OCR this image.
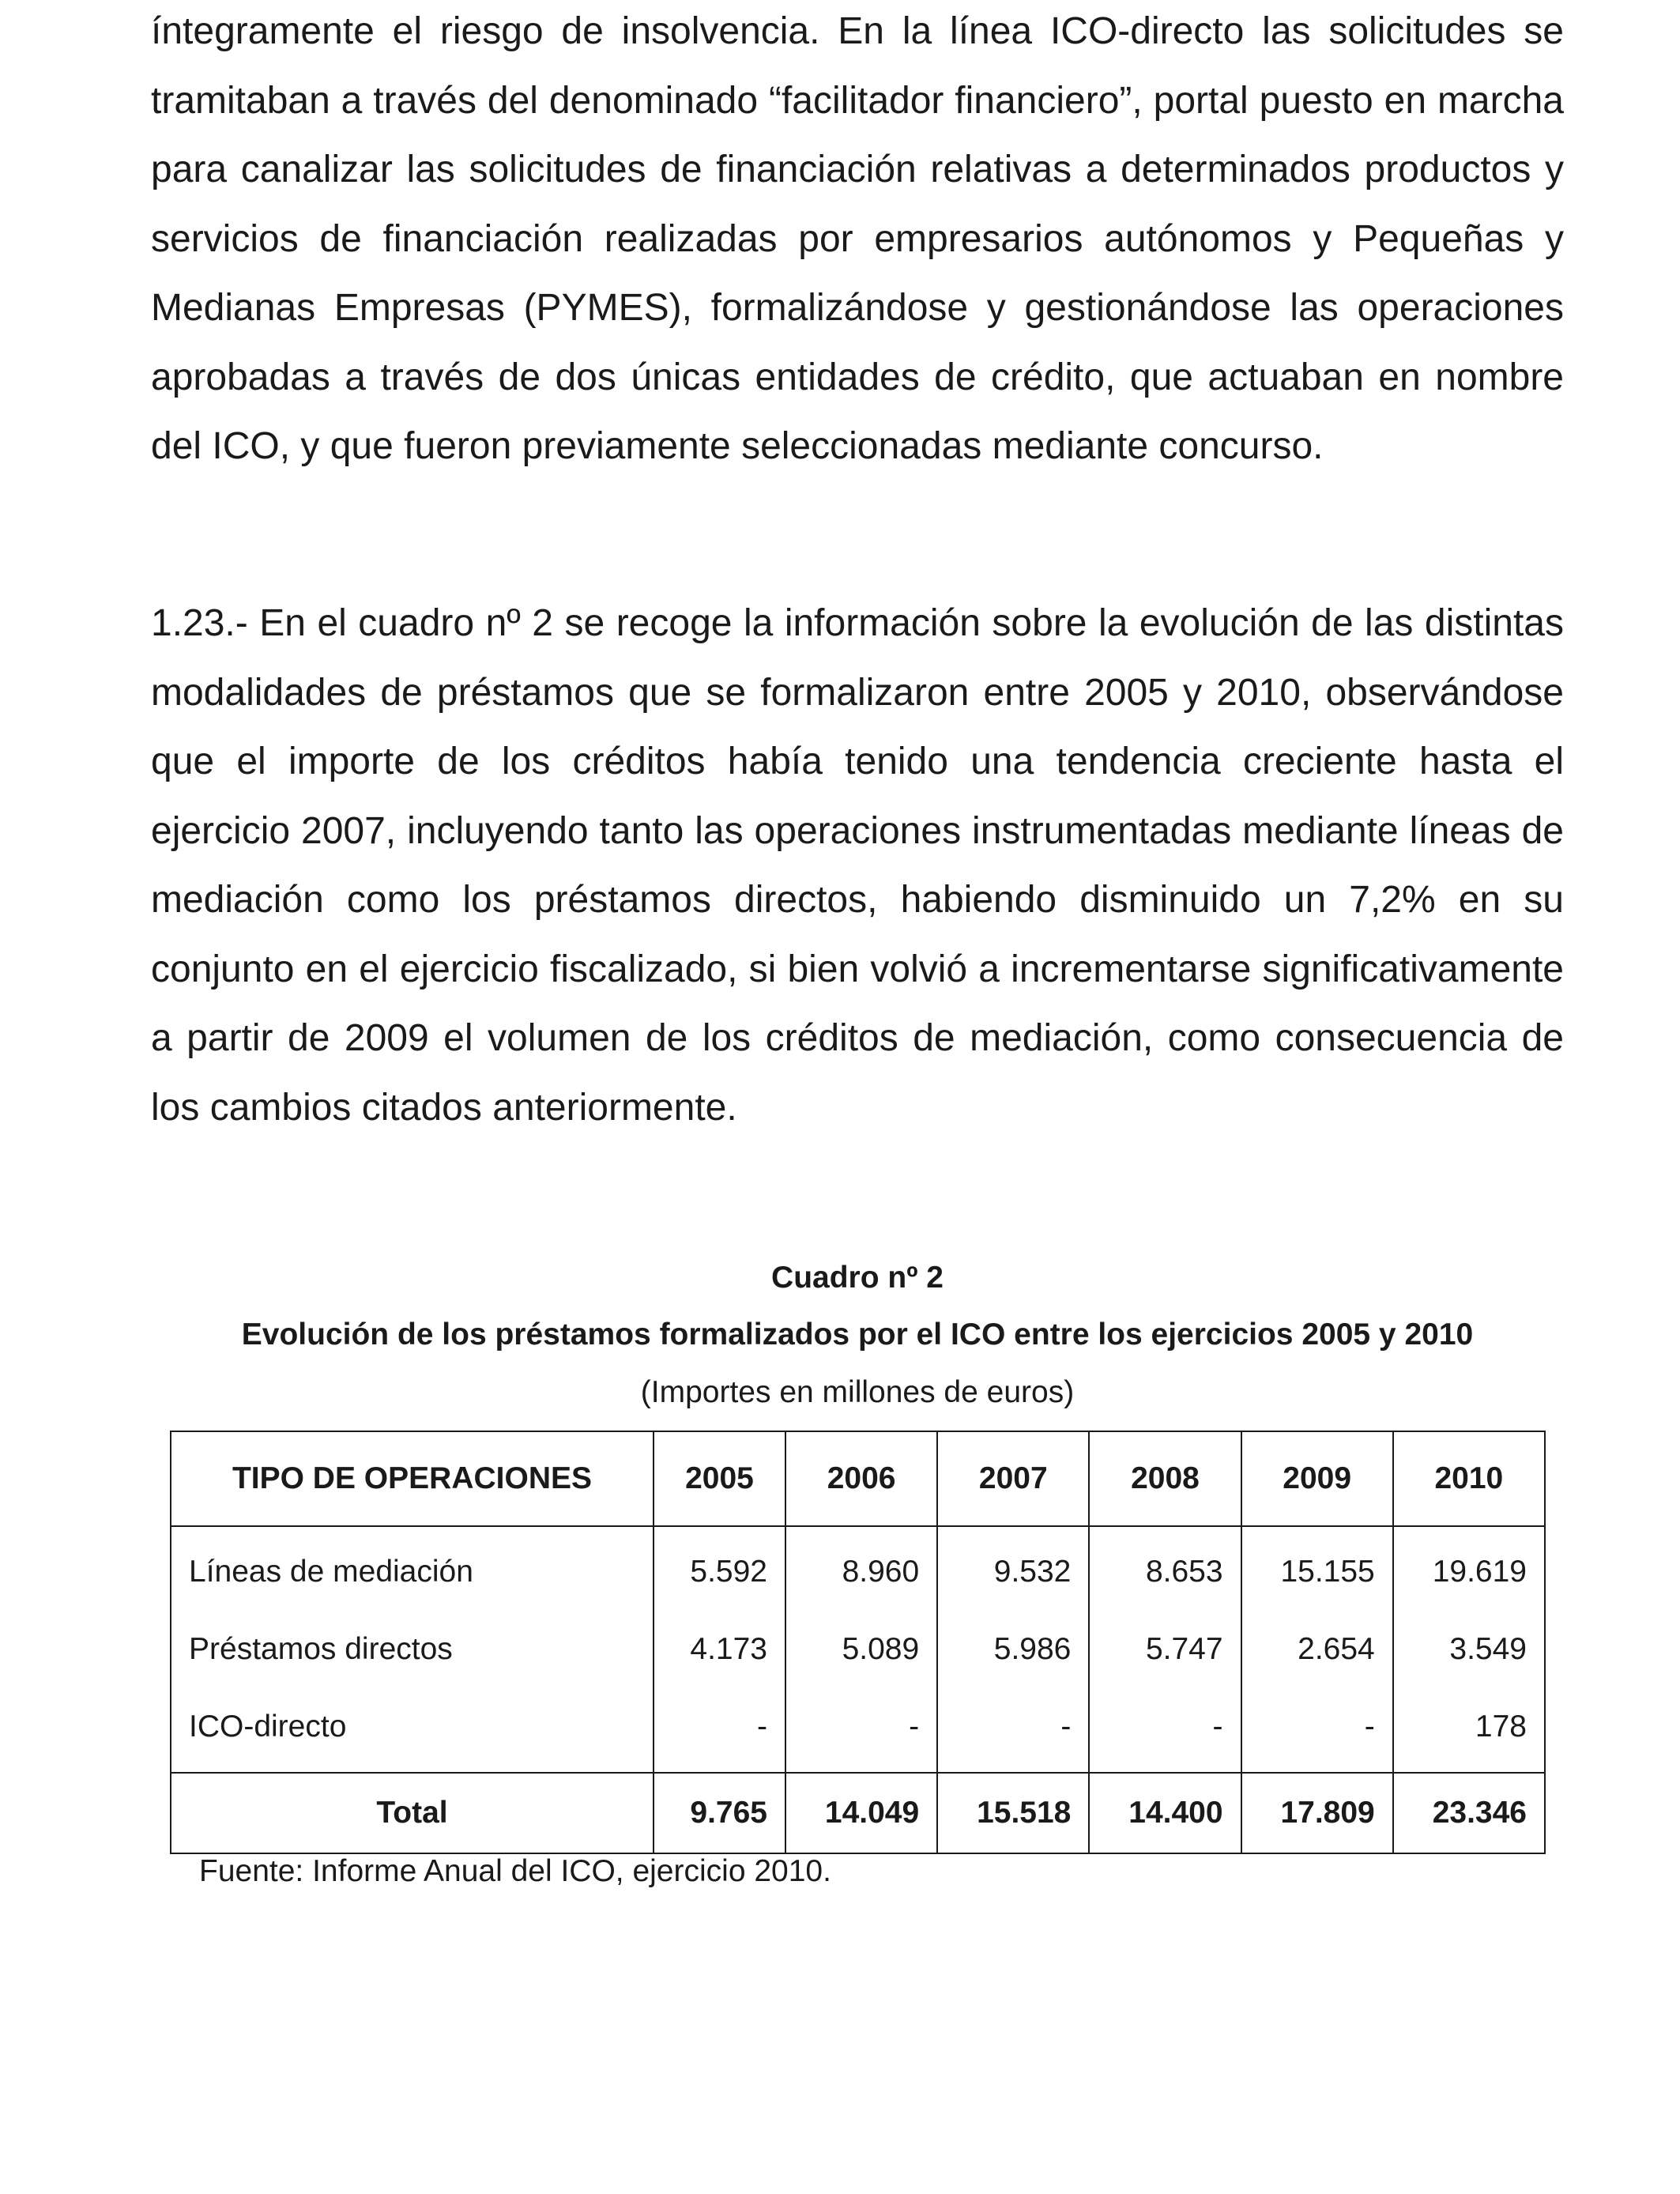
íntegramente el riesgo de insolvencia. En la línea ICO-directo las solicitudes se tramitaban a través del denominado “facilitador financiero”, portal puesto en marcha para canalizar las solicitudes de financiación relativas a determinados productos y servicios de financiación realizadas por empresarios autónomos y Pequeñas y Medianas Empresas (PYMES), formalizándose y gestionándose las operaciones aprobadas a través de dos únicas entidades de crédito, que actuaban en nombre del ICO, y que fueron previamente seleccionadas mediante concurso.

1.23.- En el cuadro nº 2 se recoge la información sobre la evolución de las distintas modalidades de préstamos que se formalizaron entre 2005 y 2010, observándose que el importe de los créditos había tenido una tendencia creciente hasta el ejercicio 2007, incluyendo tanto las operaciones instrumentadas mediante líneas de mediación como los préstamos directos, habiendo disminuido un 7,2% en su conjunto en el ejercicio fiscalizado, si bien volvió a incrementarse significativamente a partir de 2009 el volumen de los créditos de mediación, como consecuencia de los cambios citados anteriormente.

Cuadro nº 2

Evolución de los préstamos formalizados por el ICO entre los ejercicios 2005 y 2010

(Importes en millones de euros)

TIPO DE OPERACIONES	2005	2006	2007	2008	2009	2010
Líneas de mediación	5.592	8.960	9.532	8.653	15.155	19.619
Préstamos directos	4.173	5.089	5.986	5.747	2.654	3.549
ICO-directo	-	-	-	-	-	178
Total	9.765	14.049	15.518	14.400	17.809	23.346

Fuente: Informe Anual del ICO, ejercicio 2010.
